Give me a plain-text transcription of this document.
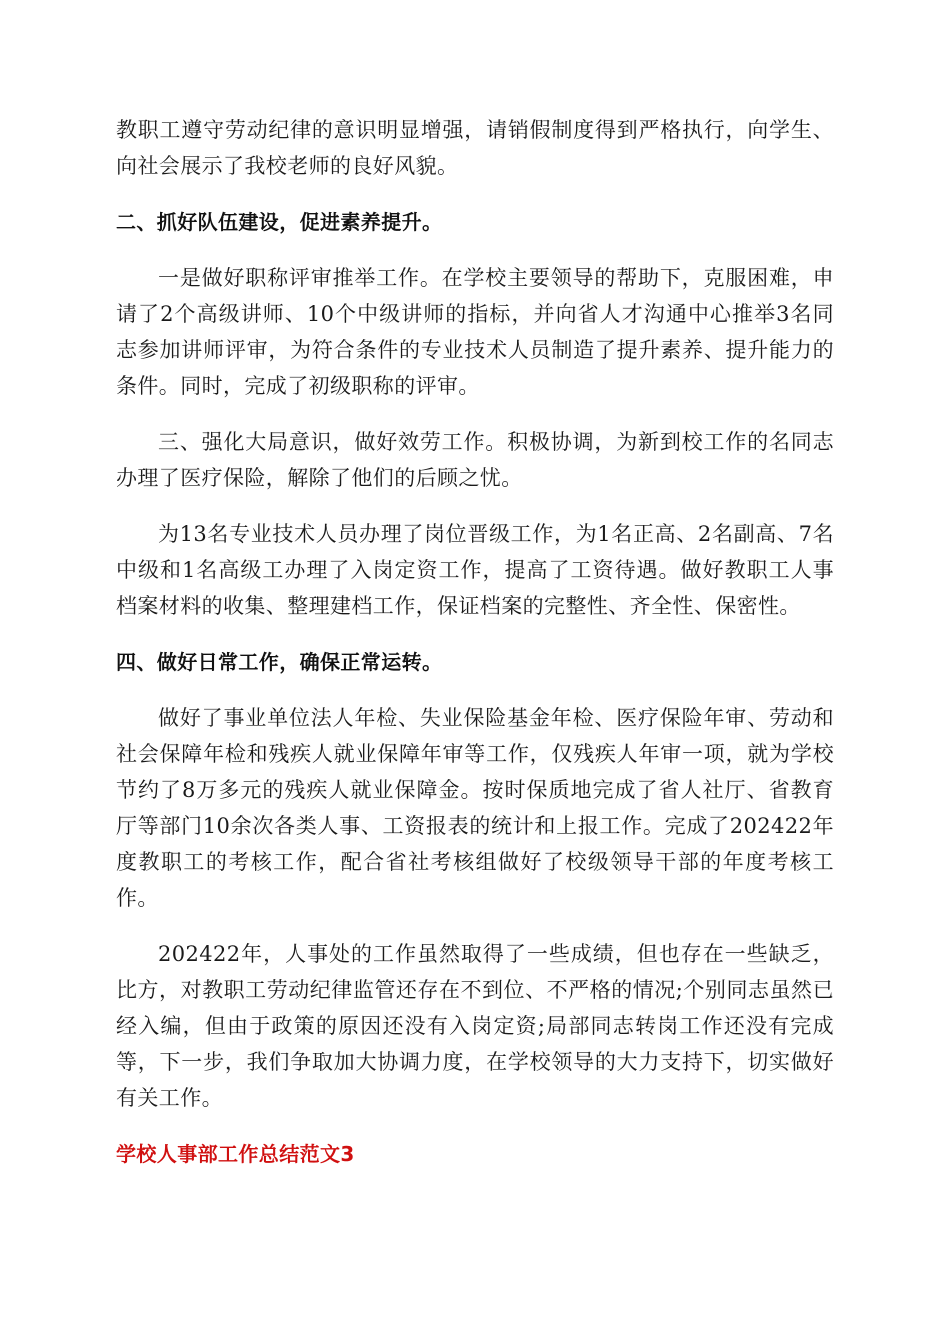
教职工遵守劳动纪律的意识明显增强，请销假制度得到严格执行，向学生、向社会展示了我校老师的良好风貌。

二、抓好队伍建设，促进素养提升。

一是做好职称评审推举工作。在学校主要领导的帮助下，克服困难，申请了2个高级讲师、10个中级讲师的指标，并向省人才沟通中心推举3名同志参加讲师评审，为符合条件的专业技术人员制造了提升素养、提升能力的条件。同时，完成了初级职称的评审。

三、强化大局意识，做好效劳工作。积极协调，为新到校工作的名同志办理了医疗保险，解除了他们的后顾之忧。

为13名专业技术人员办理了岗位晋级工作，为1名正高、2名副高、7名中级和1名高级工办理了入岗定资工作，提高了工资待遇。做好教职工人事档案材料的收集、整理建档工作，保证档案的完整性、齐全性、保密性。

四、做好日常工作，确保正常运转。

做好了事业单位法人年检、失业保险基金年检、医疗保险年审、劳动和社会保障年检和残疾人就业保障年审等工作，仅残疾人年审一项，就为学校节约了8万多元的残疾人就业保障金。按时保质地完成了省人社厅、省教育厅等部门10余次各类人事、工资报表的统计和上报工作。完成了202422年度教职工的考核工作，配合省社考核组做好了校级领导干部的年度考核工作。

202422年，人事处的工作虽然取得了一些成绩，但也存在一些缺乏，比方，对教职工劳动纪律监管还存在不到位、不严格的情况;个别同志虽然已经入编，但由于政策的原因还没有入岗定资;局部同志转岗工作还没有完成等，下一步，我们争取加大协调力度，在学校领导的大力支持下，切实做好有关工作。

学校人事部工作总结范文3
